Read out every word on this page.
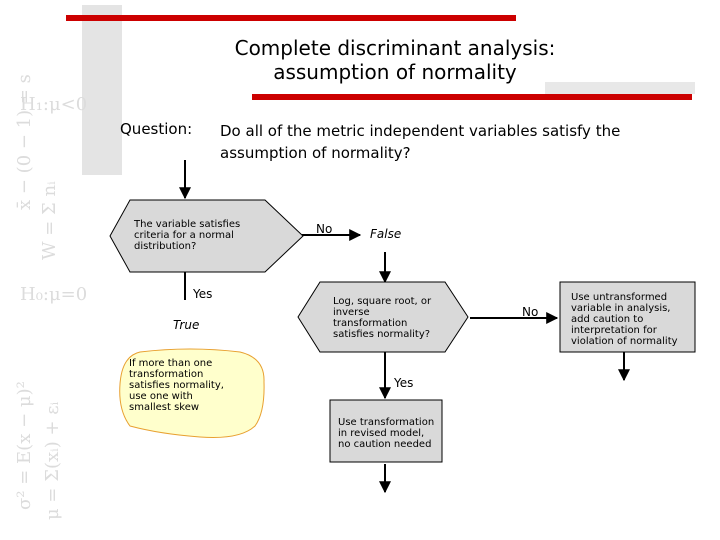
H₁:μ<0
H₀:μ=0
x̄ − (0 − 1) = s
W = Σ nᵢ
σ² = E(x − μ)² μ = Σ(xᵢ) + εᵢ
Complete discriminant analysis:
assumption of normality
Question: Do all of the metric independent variables satisfy the
assumption of normality?
The variable satisfies
criteria for a normal
distribution?
Log, square root, or
inverse
transformation
satisfies normality?
If more than one
transformation
satisfies normality,
use one with
smallest skew
Use transformation
in revised model,
no caution needed
Use untransformed
variable in analysis,
add caution to
interpretation for
violation of normality
No	False
Yes
True
No
Yes
